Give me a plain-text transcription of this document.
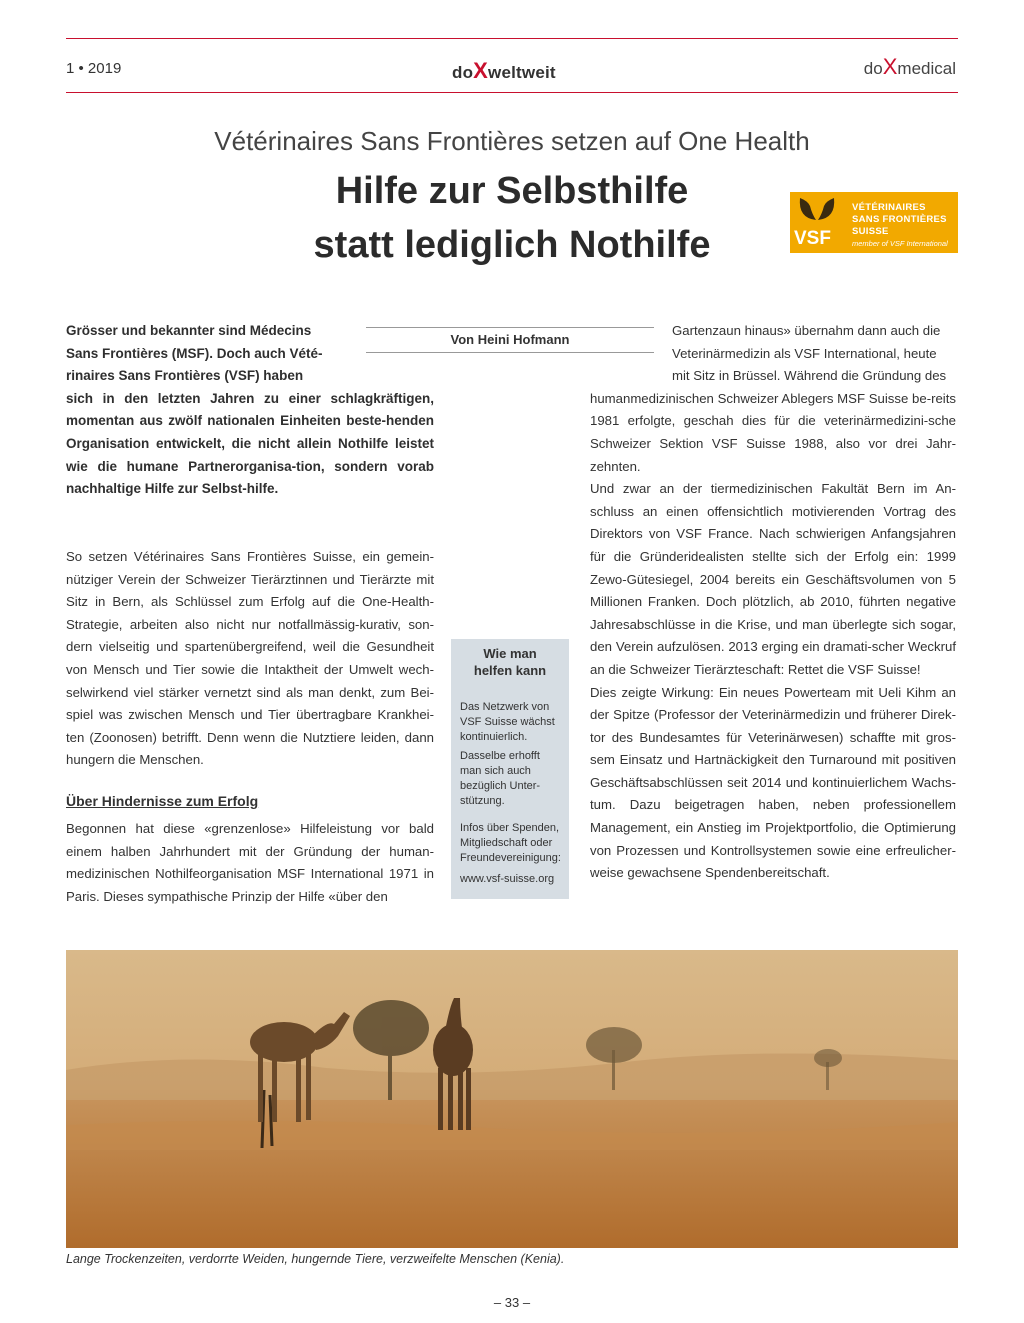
1 • 2019	doXweltweit	doXmedical
Vétérinaires Sans Frontières setzen auf One Health
Hilfe zur Selbsthilfe
statt lediglich Nothilfe	VSF
VÉTÉRINAIRES
SANS FRONTIÈRES
SUISSE
member of VSF International
Grösser und bekannter sind Médecins
Sans Frontières (MSF). Doch auch Vété-
rinaires Sans Frontières (VSF) haben
sich in den letzten Jahren zu einer schlagkräftigen, momentan aus zwölf nationalen Einheiten beste-henden Organisation entwickelt, die nicht allein Nothilfe leistet wie die humane Partnerorganisa-tion, sondern vorab nachhaltige Hilfe zur Selbst-hilfe.
Von Heini Hofmann
So setzen Vétérinaires Sans Frontières Suisse, ein gemein-nütziger Verein der Schweizer Tierärztinnen und Tierärzte mit Sitz in Bern, als Schlüssel zum Erfolg auf die One-Health-Strategie, arbeiten also nicht nur notfallmässig-kurativ, son-dern vielseitig und spartenübergreifend, weil die Gesundheit von Mensch und Tier sowie die Intaktheit der Umwelt wech-selwirkend viel stärker vernetzt sind als man denkt, zum Bei-spiel was zwischen Mensch und Tier übertragbare Krankhei-ten (Zoonosen) betrifft. Denn wenn die Nutztiere leiden, dann hungern die Menschen.
Über Hindernisse zum Erfolg
Begonnen hat diese «grenzenlose» Hilfeleistung vor bald einem halben Jahrhundert mit der Gründung der human-medizinischen Nothilfeorganisation MSF International 1971 in Paris. Dieses sympathische Prinzip der Hilfe «über den
Wie man
helfen kann
Das Netzwerk von VSF Suisse wächst kontinuierlich.
Dasselbe erhofft man sich auch bezüglich Unter-stützung.
Infos über Spenden, Mitgliedschaft oder Freundevereinigung:
www.vsf-suisse.org
Gartenzaun hinaus» übernahm dann auch die
Veterinärmedizin als VSF International, heute
mit Sitz in Brüssel. Während die Gründung des
humanmedizinischen Schweizer Ablegers MSF Suisse be-reits 1981 erfolgte, geschah dies für die veterinärmedizini-sche Schweizer Sektion VSF Suisse 1988, also vor drei Jahr-zehnten.
Und zwar an der tiermedizinischen Fakultät Bern im An-schluss an einen offensichtlich motivierenden Vortrag des Direktors von VSF France. Nach schwierigen Anfangsjahren für die Gründeridealisten stellte sich der Erfolg ein: 1999 Zewo-Gütesiegel, 2004 bereits ein Geschäftsvolumen von 5 Millionen Franken. Doch plötzlich, ab 2010, führten negative Jahresabschlüsse in die Krise, und man überlegte sich sogar, den Verein aufzulösen. 2013 erging ein dramati-scher Weckruf an die Schweizer Tierärzteschaft: Rettet die VSF Suisse!
Dies zeigte Wirkung: Ein neues Powerteam mit Ueli Kihm an der Spitze (Professor der Veterinärmedizin und früherer Direk-tor des Bundesamtes für Veterinärwesen) schaffte mit gros-sem Einsatz und Hartnäckigkeit den Turnaround mit positiven Geschäftsabschlüssen seit 2014 und kontinuierlichem Wachs-tum. Dazu beigetragen haben, neben professionellem Management, ein Anstieg im Projektportfolio, die Optimierung von Prozessen und Kontrollsystemen sowie eine erfreulicher-weise gewachsene Spendenbereitschaft.
Lange Trockenzeiten, verdorrte Weiden, hungernde Tiere, verzweifelte Menschen (Kenia).
– 33 –
